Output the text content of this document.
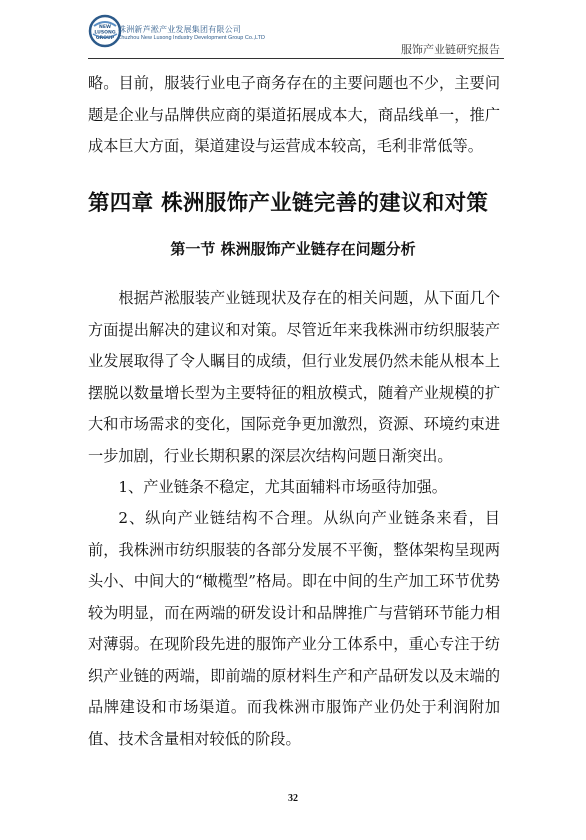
NEW
LUSONG
GROUP
株洲新芦淞产业发展集团有限公司
Zhuzhou New Lusong Industry Development Group Co.,LTD
服饰产业链研究报告

略。目前，服装行业电子商务存在的主要问题也不少，主要问题是企业与品牌供应商的渠道拓展成本大，商品线单一，推广成本巨大方面，渠道建设与运营成本较高，毛利非常低等。

第四章 株洲服饰产业链完善的建议和对策
第一节 株洲服饰产业链存在问题分析

根据芦淞服装产业链现状及存在的相关问题，从下面几个方面提出解决的建议和对策。尽管近年来我株洲市纺织服装产业发展取得了令人瞩目的成绩，但行业发展仍然未能从根本上摆脱以数量增长型为主要特征的粗放模式，随着产业规模的扩大和市场需求的变化，国际竞争更加激烈，资源、环境约束进一步加剧，行业长期积累的深层次结构问题日渐突出。

1、产业链条不稳定，尤其面辅料市场亟待加强。

2、纵向产业链结构不合理。从纵向产业链条来看，目前，我株洲市纺织服装的各部分发展不平衡，整体架构呈现两头小、中间大的“橄榄型”格局。即在中间的生产加工环节优势较为明显，而在两端的研发设计和品牌推广与营销环节能力相对薄弱。在现阶段先进的服饰产业分工体系中，重心专注于纺织产业链的两端，即前端的原材料生产和产品研发以及末端的品牌建设和市场渠道。而我株洲市服饰产业仍处于利润附加值、技术含量相对较低的阶段。

32
